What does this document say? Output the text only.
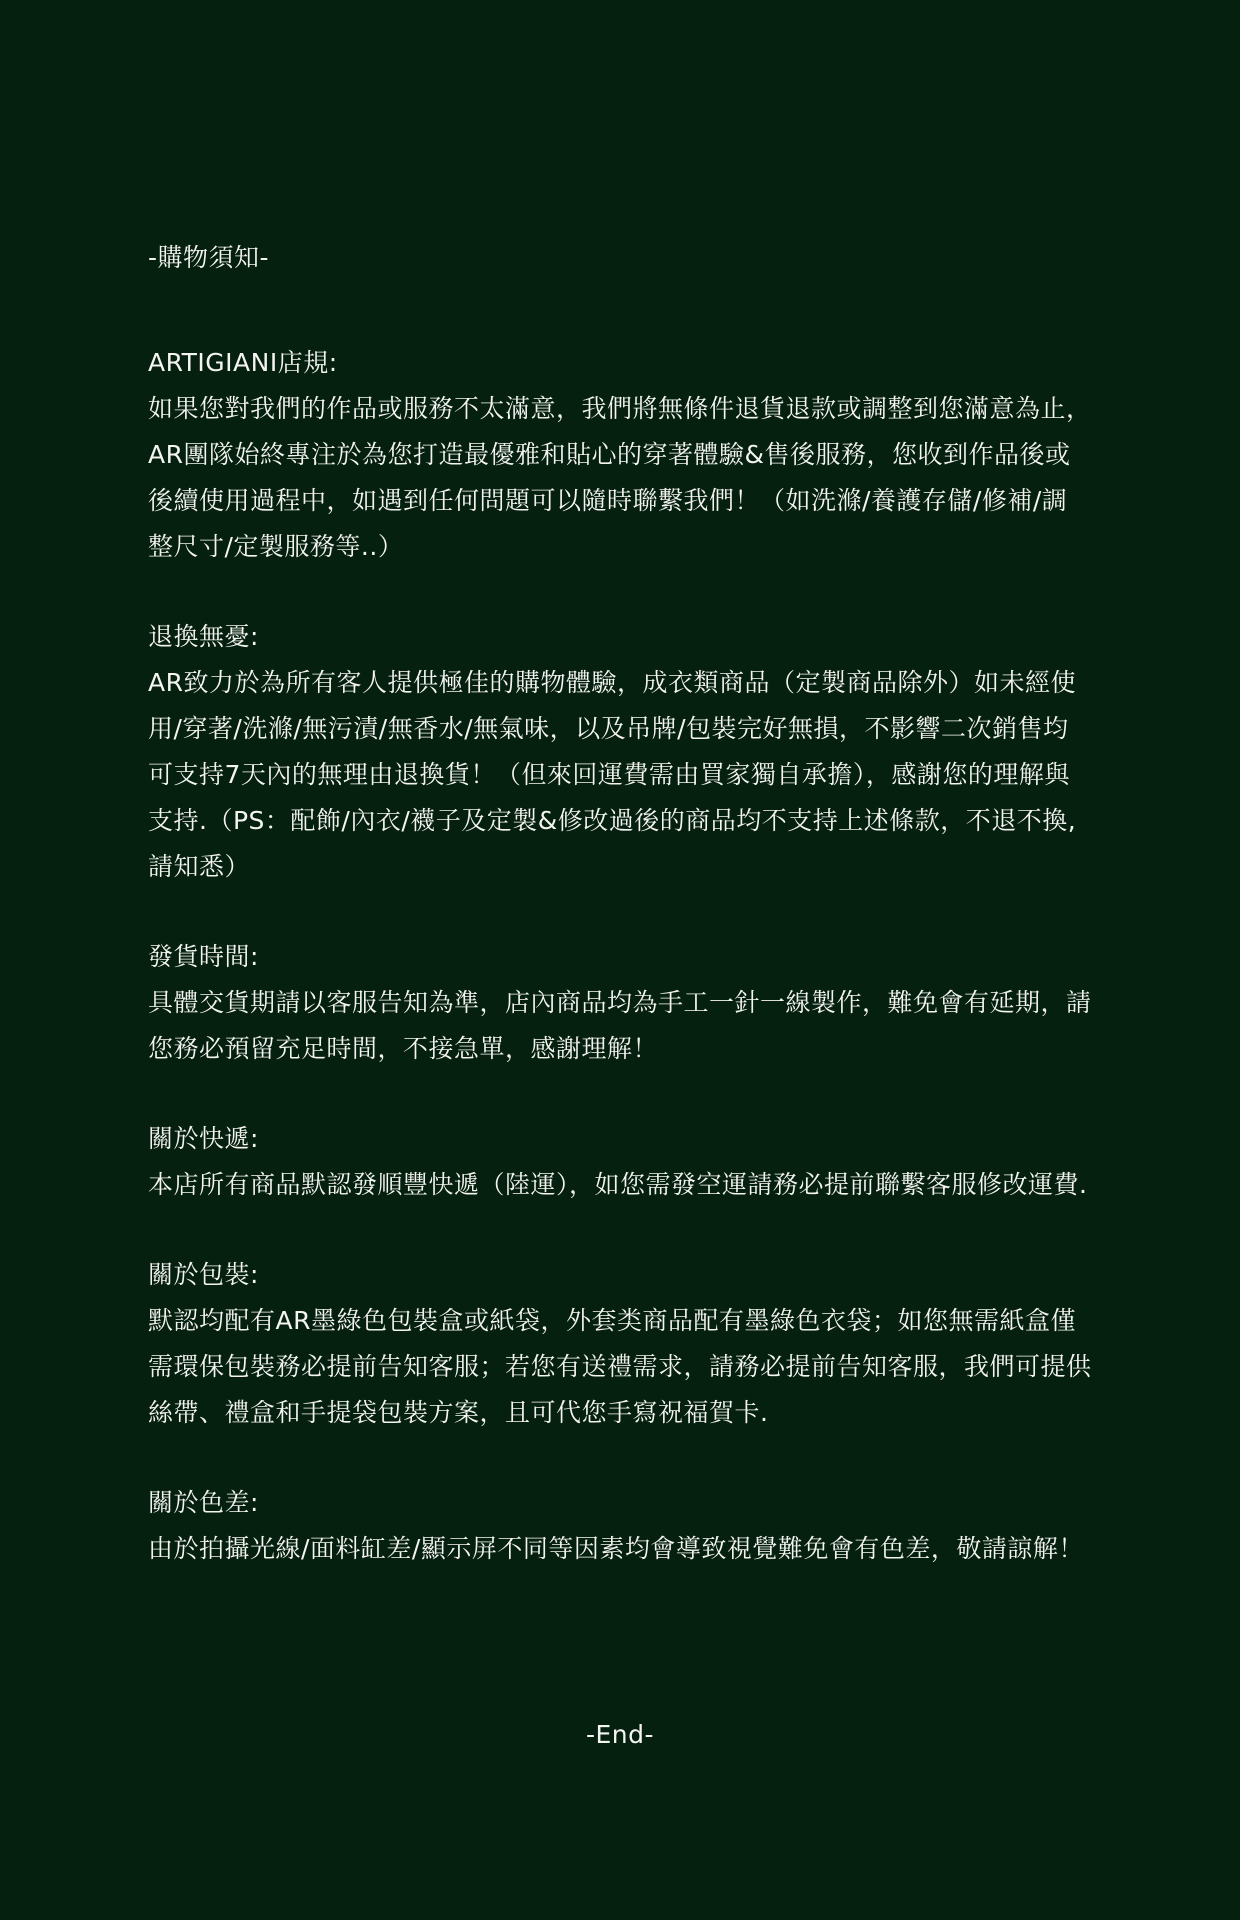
-購物須知-
ARTIGIANI店規:
如果您對我們的作品或服務不太滿意，我們將無條件退貨退款或調整到您滿意為止，AR團隊始終專注於為您打造最優雅和貼心的穿著體驗&售後服務，您收到作品後或後續使用過程中，如遇到任何問題可以隨時聯繫我們！（如洗滌/養護存儲/修補/調整尺寸/定製服務等..）
退換無憂:
AR致力於為所有客人提供極佳的購物體驗，成衣類商品（定製商品除外）如未經使用/穿著/洗滌/無污漬/無香水/無氣味，以及吊牌/包裝完好無損，不影響二次銷售均可支持7天內的無理由退換貨！（但來回運費需由買家獨自承擔），感謝您的理解與支持.（PS：配飾/內衣/襪子及定製&修改過後的商品均不支持上述條款，不退不換,請知悉）
發貨時間:
具體交貨期請以客服告知為準，店內商品均為手工一針一線製作，難免會有延期，請您務必預留充足時間，不接急單，感謝理解！
關於快遞:
本店所有商品默認發順豐快遞（陸運），如您需發空運請務必提前聯繫客服修改運費.
關於包裝:
默認均配有AR墨綠色包裝盒或紙袋，外套类商品配有墨綠色衣袋；如您無需紙盒僅需環保包裝務必提前告知客服；若您有送禮需求，請務必提前告知客服，我們可提供絲帶、禮盒和手提袋包裝方案，且可代您手寫祝福賀卡.
關於色差:
由於拍攝光線/面料缸差/顯示屏不同等因素均會導致視覺難免會有色差，敬請諒解！
-End-
